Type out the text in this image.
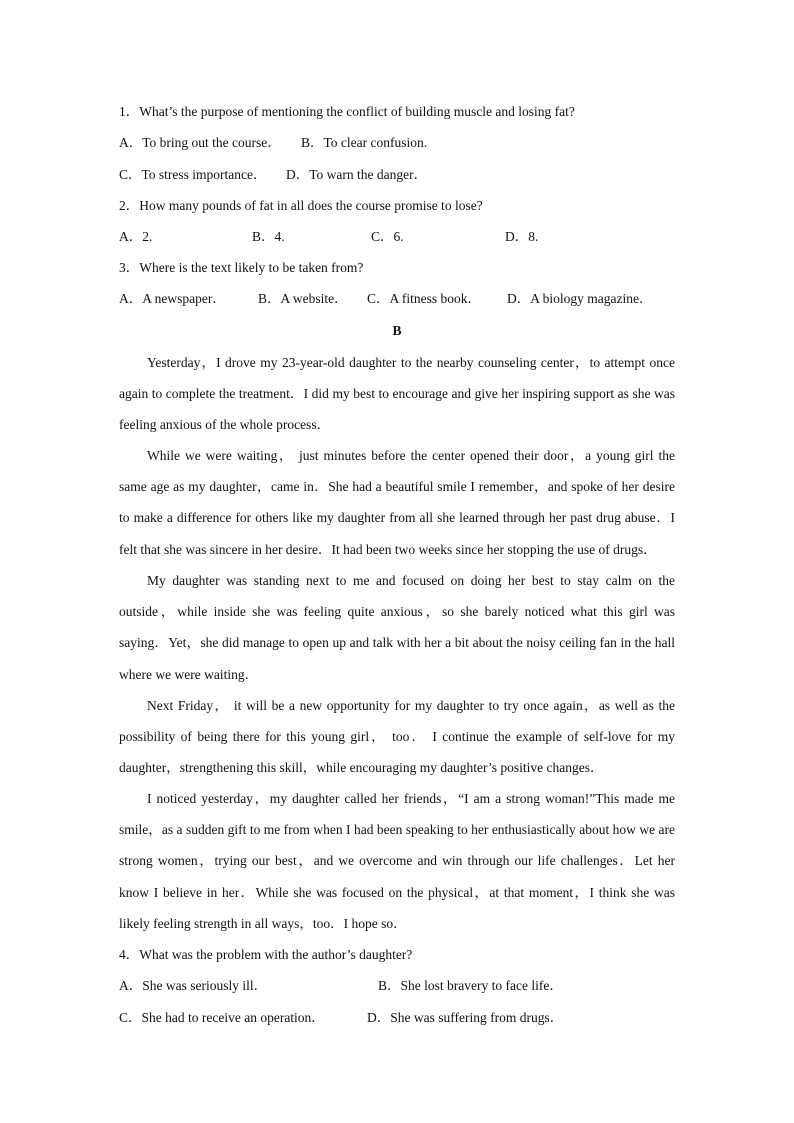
1．What’s the purpose of mentioning the conflict of building muscle and losing fat?
A．To bring out the course． B．To clear confusion.
C．To stress importance． D．To warn the danger．
2．How many pounds of fat in all does the course promise to lose?
A．2.	B．4.	C．6.	D．8.
3．Where is the text likely to be taken from?
A．A newspaper． B．A website． C．A fitness book． D．A biology magazine．
B

Yesterday，I drove my 23-year-old daughter to the nearby counseling center，to attempt once again to complete the treatment．I did my best to encourage and give her inspiring support as she was feeling anxious of the whole process．

While we were waiting， just minutes before the center opened their door，a young girl the same age as my daughter，came in．She had a beautiful smile I remember，and spoke of her desire to make a difference for others like my daughter from all she learned through her past drug abuse．I felt that she was sincere in her desire．It had been two weeks since her stopping the use of drugs．

My daughter was standing next to me and focused on doing her best to stay calm on the outside，while inside she was feeling quite anxious，so she barely noticed what this girl was saying．Yet，she did manage to open up and talk with her a bit about the noisy ceiling fan in the hall where we were waiting．

Next Friday， it will be a new opportunity for my daughter to try once again，as well as the possibility of being there for this young girl， too． I continue the example of self-love for my daughter，strengthening this skill，while encouraging my daughter’s positive changes．

I noticed yesterday，my daughter called her friends，“I am a strong woman!”This made me smile，as a sudden gift to me from when I had been speaking to her enthusiastically about how we are strong women，trying our best，and we overcome and win through our life challenges．Let her know I believe in her．While she was focused on the physical，at that moment，I think she was likely feeling strength in all ways，too．I hope so．

4．What was the problem with the author’s daughter?
A．She was seriously ill．	B．She lost bravery to face life．
C．She had to receive an operation．	D．She was suffering from drugs．
